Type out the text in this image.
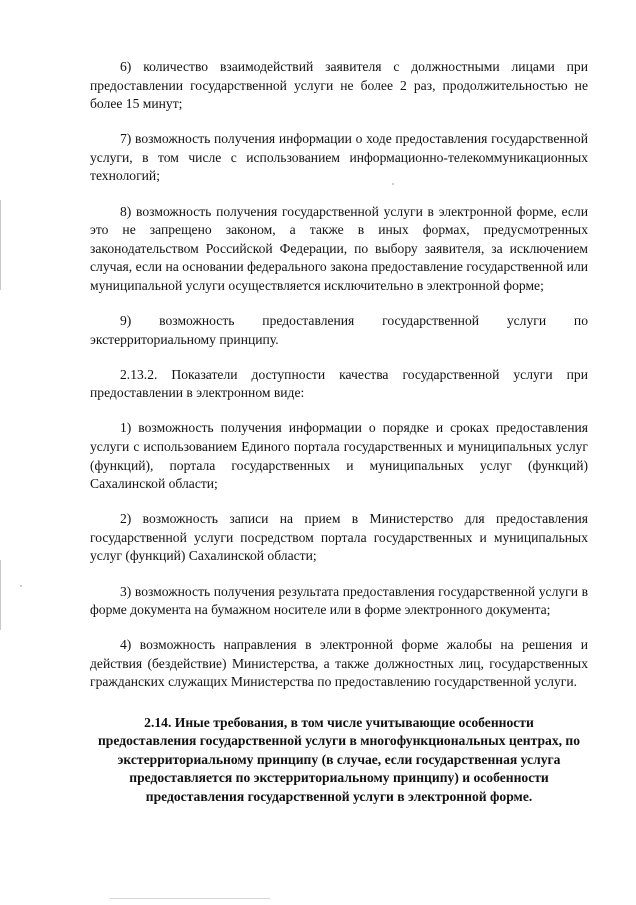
6) количество взаимодействий заявителя с должностными лицами при предоставлении государственной услуги не более 2 раз, продолжительностью не более 15 минут;

7) возможность получения информации о ходе предоставления государственной услуги, в том числе с использованием информационно-телекоммуникационных технологий;

8) возможность получения государственной услуги в электронной форме, если это не запрещено законом, а также в иных формах, предусмотренных законодательством Российской Федерации, по выбору заявителя, за исключением случая, если на основании федерального закона предоставление государственной или муниципальной услуги осуществляется исключительно в электронной форме;

9) возможность предоставления государственной услуги по экстерриториальному принципу.

2.13.2. Показатели доступности качества государственной услуги при предоставлении в электронном виде:

1) возможность получения информации о порядке и сроках предоставления услуги с использованием Единого портала государственных и муниципальных услуг (функций), портала государственных и муниципальных услуг (функций) Сахалинской области;

2) возможность записи на прием в Министерство для предоставления государственной услуги посредством портала государственных и муниципальных услуг (функций) Сахалинской области;

3) возможность получения результата предоставления государственной услуги в форме документа на бумажном носителе или в форме электронного документа;

4) возможность направления в электронной форме жалобы на решения и действия (бездействие) Министерства, а также должностных лиц, государственных гражданских служащих Министерства по предоставлению государственной услуги.

2.14. Иные требования, в том числе учитывающие особенности предоставления государственной услуги в многофункциональных центрах, по экстерриториальному принципу (в случае, если государственная услуга предоставляется по экстерриториальному принципу) и особенности предоставления государственной услуги в электронной форме.
